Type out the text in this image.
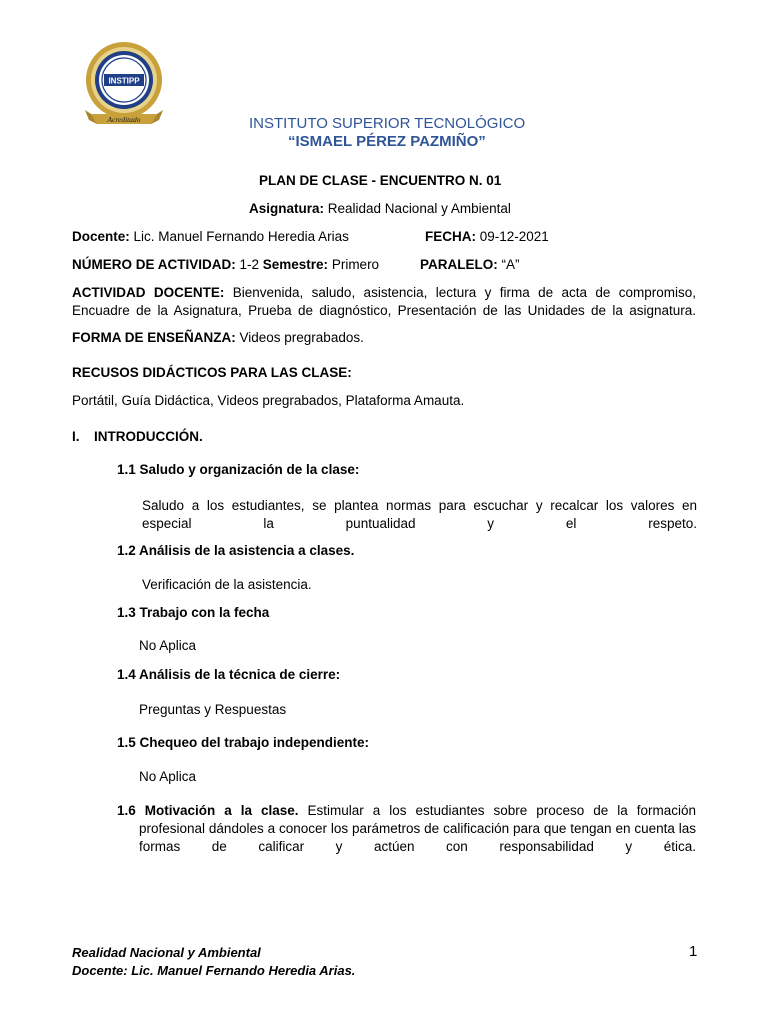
INSTIPP
Acreditado	INSTITUTO SUPERIOR TECNOLÓGICO
“ISMAEL PÉREZ PAZMIÑO”
PLAN DE CLASE - ENCUENTRO N. 01
Asignatura: Realidad Nacional y Ambiental
Docente: Lic. Manuel Fernando Heredia Arias	FECHA: 09-12-2021
NÚMERO DE ACTIVIDAD: 1-2 Semestre: Primero	PARALELO: “A”
ACTIVIDAD DOCENTE: Bienvenida, saludo, asistencia, lectura y firma de acta de compromiso, Encuadre de la Asignatura, Prueba de diagnóstico, Presentación de las Unidades de la asignatura.
FORMA DE ENSEÑANZA: Videos pregrabados.
RECUSOS DIDÁCTICOS PARA LAS CLASE:
Portátil, Guía Didáctica, Videos pregrabados, Plataforma Amauta.
I. INTRODUCCIÓN.
1.1 Saludo y organización de la clase:
Saludo a los estudiantes, se plantea normas para escuchar y recalcar los valores en especial la puntualidad y el respeto.
1.2 Análisis de la asistencia a clases.
Verificación de la asistencia.
1.3 Trabajo con la fecha
No Aplica
1.4 Análisis de la técnica de cierre:
Preguntas y Respuestas
1.5 Chequeo del trabajo independiente:
No Aplica
1.6 Motivación a la clase. Estimular a los estudiantes sobre proceso de la formación profesional dándoles a conocer los parámetros de calificación para que tengan en cuenta las formas de calificar y actúen con responsabilidad y ética.
Realidad Nacional y Ambiental
Docente: Lic. Manuel Fernando Heredia Arias.
1
